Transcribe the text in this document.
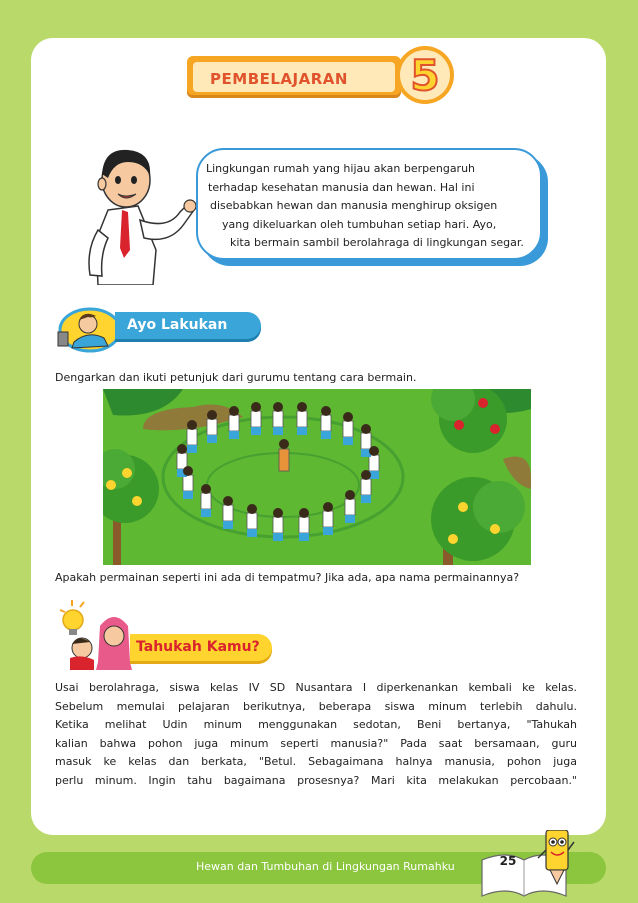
PEMBELAJARAN	5
Lingkungan rumah yang hijau akan berpengaruh
terhadap kesehatan manusia dan hewan. Hal ini
disebabkan hewan dan manusia menghirup oksigen
yang dikeluarkan oleh tumbuhan setiap hari. Ayo,
kita bermain sambil berolahraga di lingkungan segar.
Ayo Lakukan
Dengarkan dan ikuti petunjuk dari gurumu tentang cara bermain.
Apakah permainan seperti ini ada di tempatmu? Jika ada, apa nama permainannya?
Tahukah Kamu?
Usai berolahraga, siswa kelas IV SD Nusantara I diperkenankan kembali ke kelas.
Sebelum memulai pelajaran berikutnya, beberapa siswa minum terlebih dahulu.
Ketika melihat Udin minum menggunakan sedotan, Beni bertanya, "Tahukah
kalian bahwa pohon juga minum seperti manusia?" Pada saat bersamaan, guru
masuk ke kelas dan berkata, "Betul. Sebagaimana halnya manusia, pohon juga
perlu minum. Ingin tahu bagaimana prosesnya? Mari kita melakukan percobaan."
Hewan dan Tumbuhan di Lingkungan Rumahku	25
